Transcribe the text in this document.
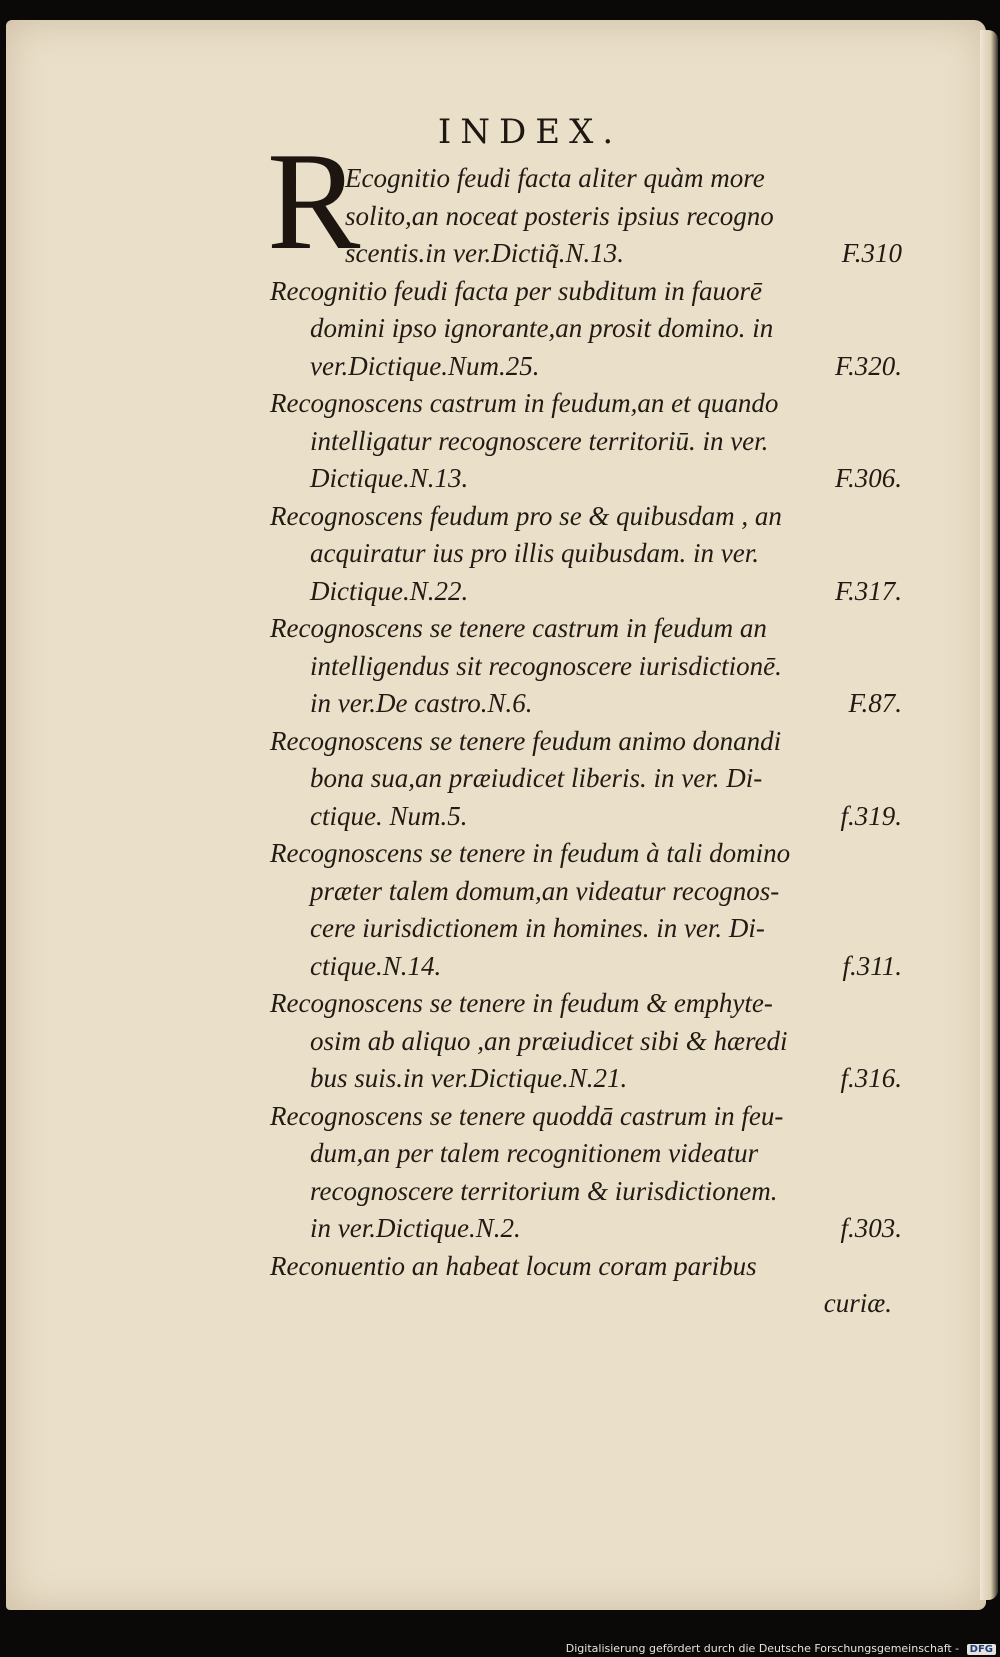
INDEX.
R
Ecognitio feudi facta aliter quàm more
solito,an noceat posteris ipsius recogno
scentis.in ver.Dictiq̃.N.13.	F.310
Recognitio feudi facta per subditum in fauorē
domini ipso ignorante,an prosit domino. in
ver.Dictique.Num.25.	F.320.
Recognoscens castrum in feudum,an et quando
intelligatur recognoscere territoriū. in ver.
Dictique.N.13.	F.306.
Recognoscens feudum pro se & quibusdam , an
acquiratur ius pro illis quibusdam. in ver.
Dictique.N.22.	F.317.
Recognoscens se tenere castrum in feudum an
intelligendus sit recognoscere iurisdictionē.
in ver.De castro.N.6.	F.87.
Recognoscens se tenere feudum animo donandi
bona sua,an præiudicet liberis. in ver. Di-
ctique. Num.5.	f.319.
Recognoscens se tenere in feudum à tali domino
præter talem domum,an videatur recognos-
cere iurisdictionem in homines. in ver. Di-
ctique.N.14.	f.311.
Recognoscens se tenere in feudum & emphyte-
osim ab aliquo ,an præiudicet sibi & hæredi
bus suis.in ver.Dictique.N.21.	f.316.
Recognoscens se tenere quoddā castrum in feu-
dum,an per talem recognitionem videatur
recognoscere territorium & iurisdictionem.
in ver.Dictique.N.2.	f.303.
Reconuentio an habeat locum coram paribus
curiæ.
Digitalisierung gefördert durch die Deutsche Forschungsgemeinschaft - DFG
